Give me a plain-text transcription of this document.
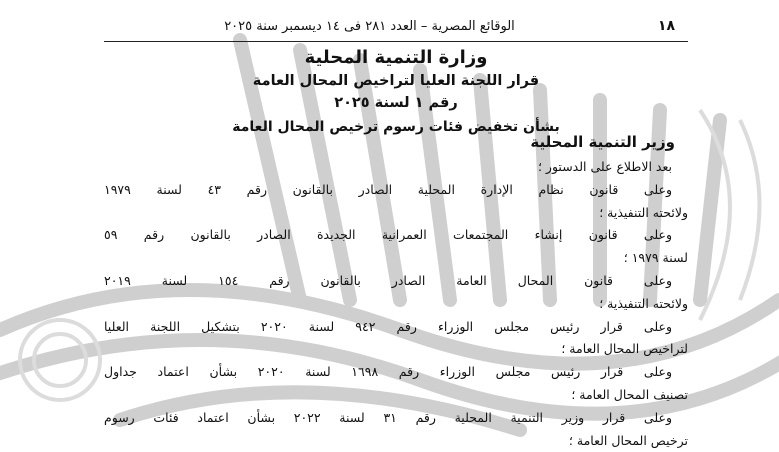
الوقائع المصرية – العدد ٢٨١ فى ١٤ ديسمبر سنة ٢٠٢٥	١٨
وزارة التنمية المحلية
قرار اللجنة العليا لتراخيص المحال العامة
رقم ١ لسنة ٢٠٢٥
بشأن تخفيض فئات رسوم ترخيص المحال العامة
وزير التنمية المحلية
بعد الاطلاع على الدستور ؛
وعلى قانون نظام الإدارة المحلية الصادر بالقانون رقم ٤٣ لسنة ١٩٧٩
ولائحته التنفيذية ؛
وعلى قانون إنشاء المجتمعات العمرانية الجديدة الصادر بالقانون رقم ٥٩
لسنة ١٩٧٩ ؛
وعلى قانون المحال العامة الصادر بالقانون رقم ١٥٤ لسنة ٢٠١٩
ولائحته التنفيذية ؛
وعلى قرار رئيس مجلس الوزراء رقم ٩٤٢ لسنة ٢٠٢٠ بتشكيل اللجنة العليا
لتراخيص المحال العامة ؛
وعلى قرار رئيس مجلس الوزراء رقم ١٦٩٨ لسنة ٢٠٢٠ بشأن اعتماد جداول
تصنيف المحال العامة ؛
وعلى قرار وزير التنمية المحلية رقم ٣١ لسنة ٢٠٢٢ بشأن اعتماد فئات رسوم
ترخيص المحال العامة ؛
